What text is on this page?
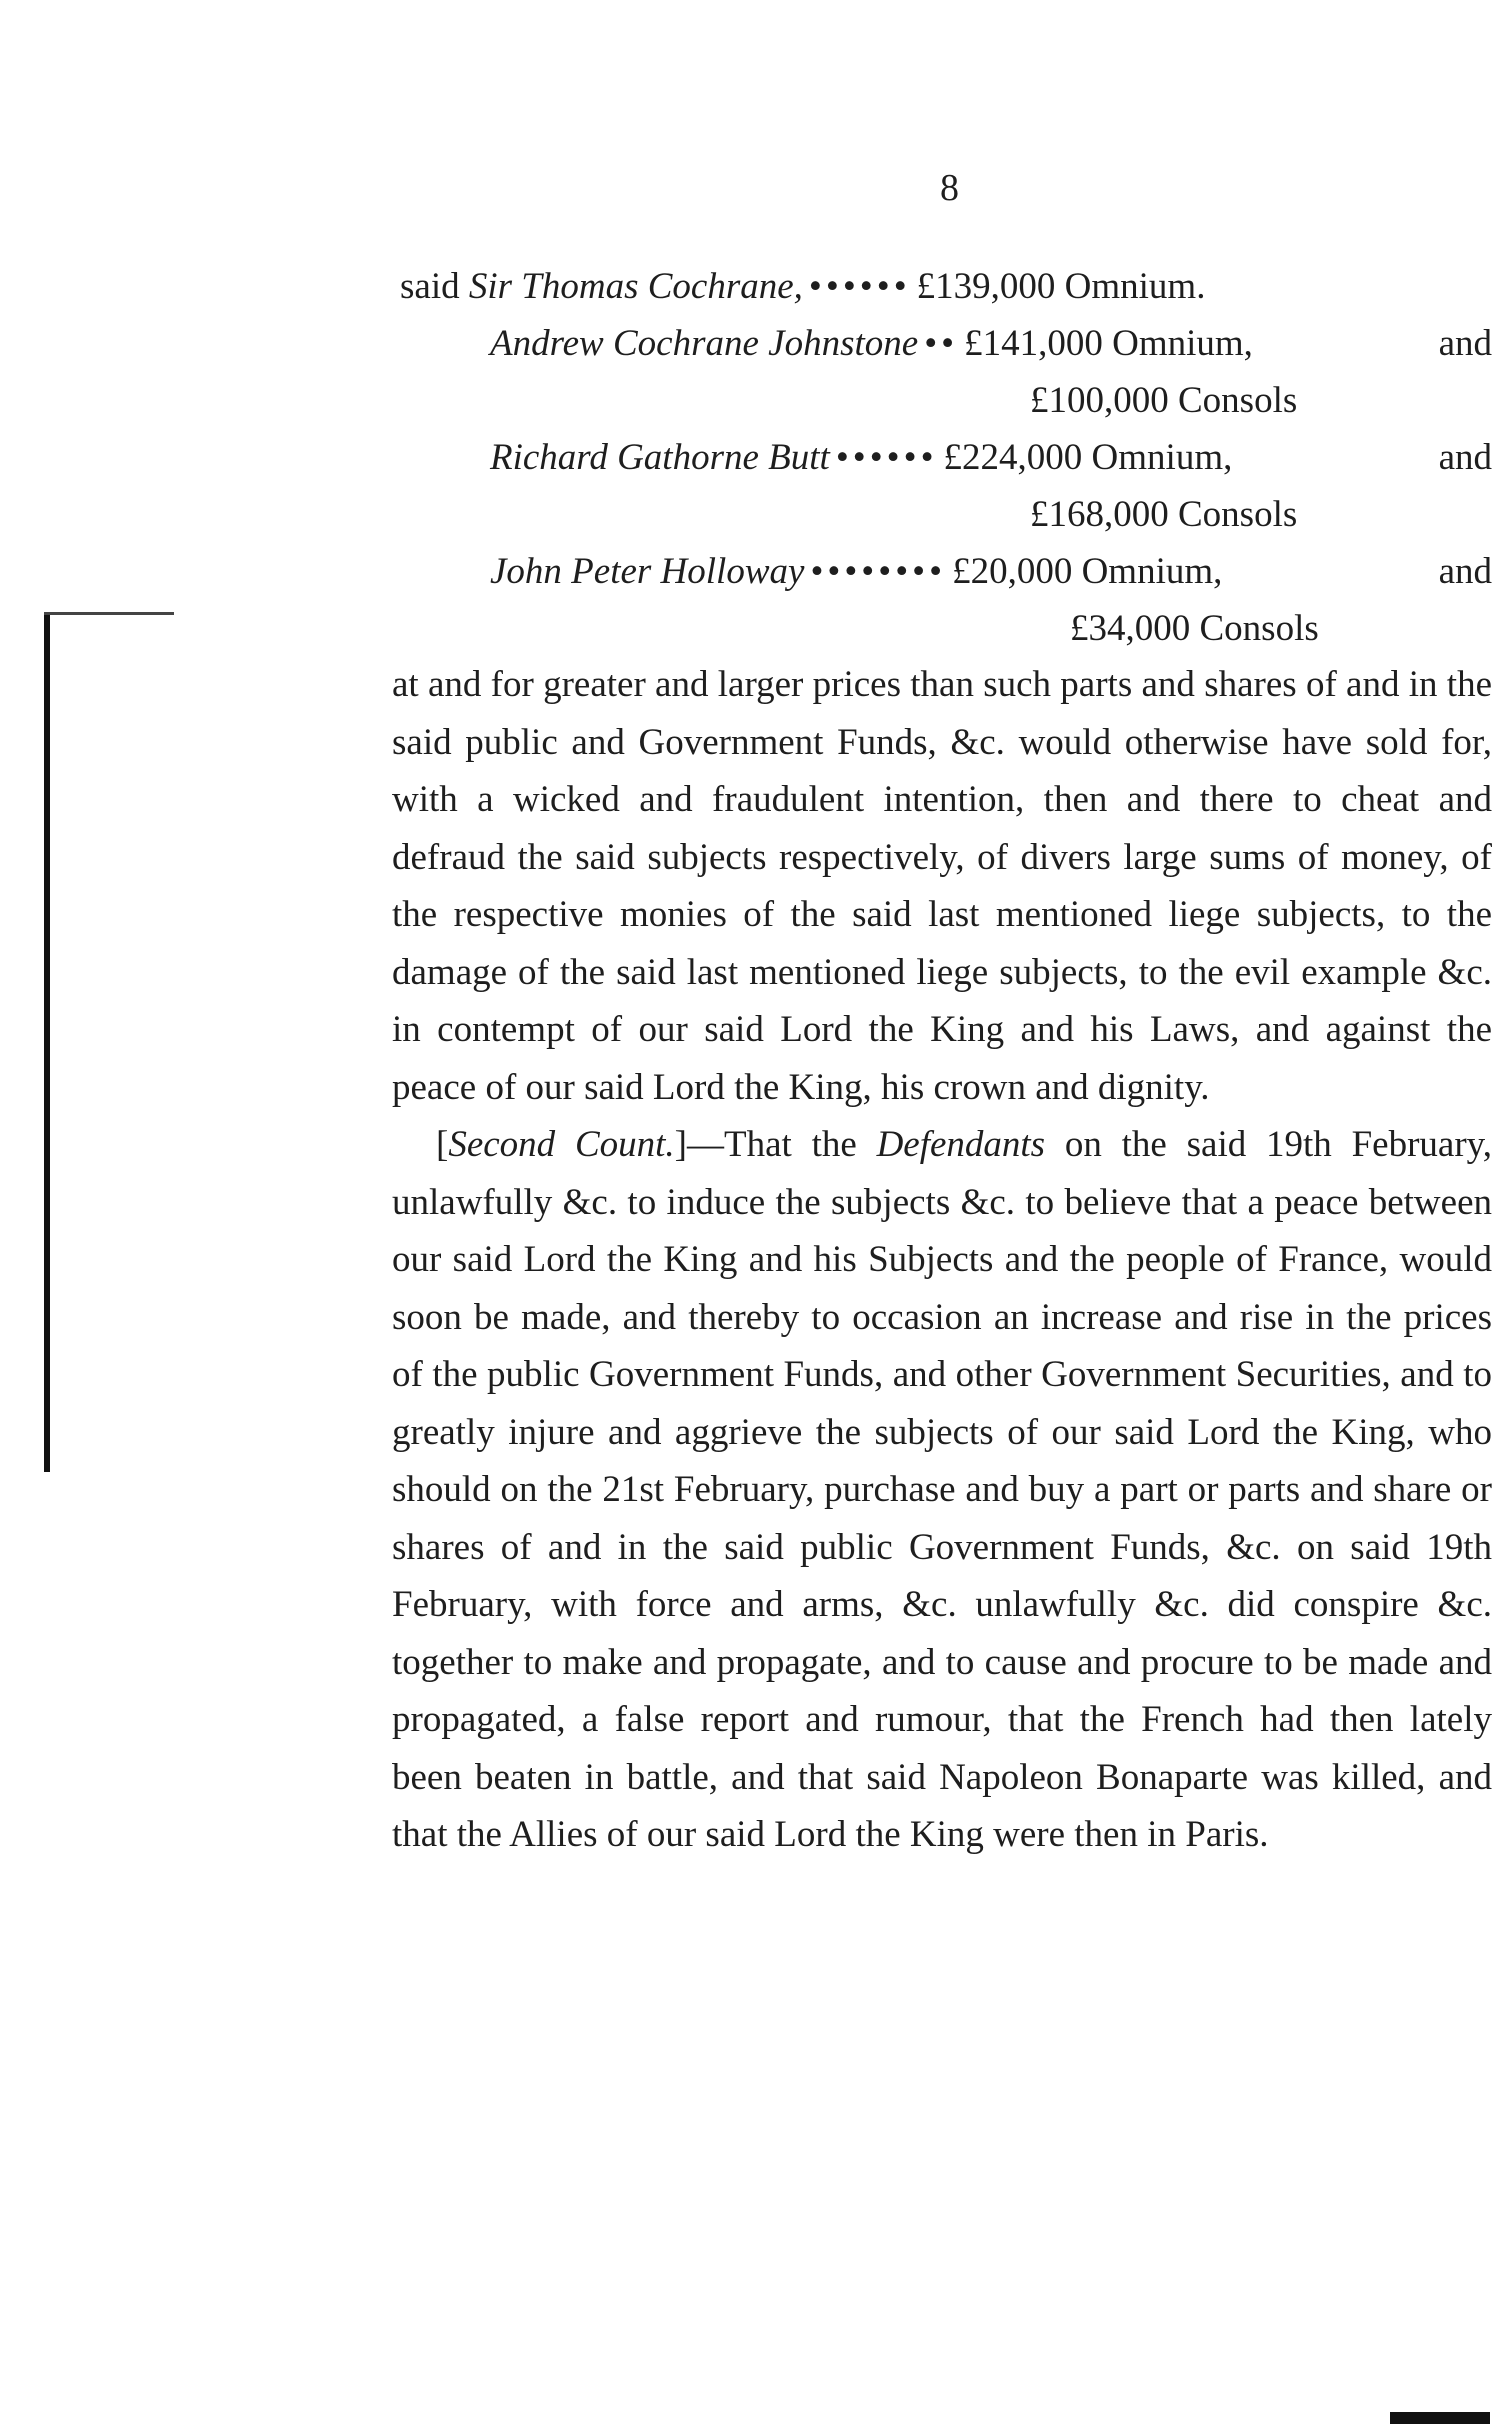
8
said Sir Thomas Cochrane, •••••• £139,000 Omnium.
Andrew Cochrane Johnstone •• £141,000 Omnium,	and
£100,000 Consols
Richard Gathorne Butt •••••• £224,000 Omnium,	and
£168,000 Consols
John Peter Holloway •••••••• £20,000 Omnium,	and
£34,000 Consols

at and for greater and larger prices than such parts and shares of and in the said public and Government Funds, &c. would otherwise have sold for, with a wicked and fraudulent intention, then and there to cheat and defraud the said subjects respectively, of divers large sums of money, of the respective monies of the said last mentioned liege subjects, to the damage of the said last mentioned liege subjects, to the evil example &c. in contempt of our said Lord the King and his Laws, and against the peace of our said Lord the King, his crown and dignity.

[Second Count.]—That the Defendants on the said 19th February, unlawfully &c. to induce the subjects &c. to believe that a peace between our said Lord the King and his Subjects and the people of France, would soon be made, and thereby to occasion an increase and rise in the prices of the public Government Funds, and other Government Securities, and to greatly injure and aggrieve the subjects of our said Lord the King, who should on the 21st February, purchase and buy a part or parts and share or shares of and in the said public Government Funds, &c. on said 19th February, with force and arms, &c. unlawfully &c. did conspire &c. together to make and propagate, and to cause and procure to be made and propagated, a false report and rumour, that the French had then lately been beaten in battle, and that said Napoleon Bonaparte was killed, and that the Allies of our said Lord the King were then in Paris.
